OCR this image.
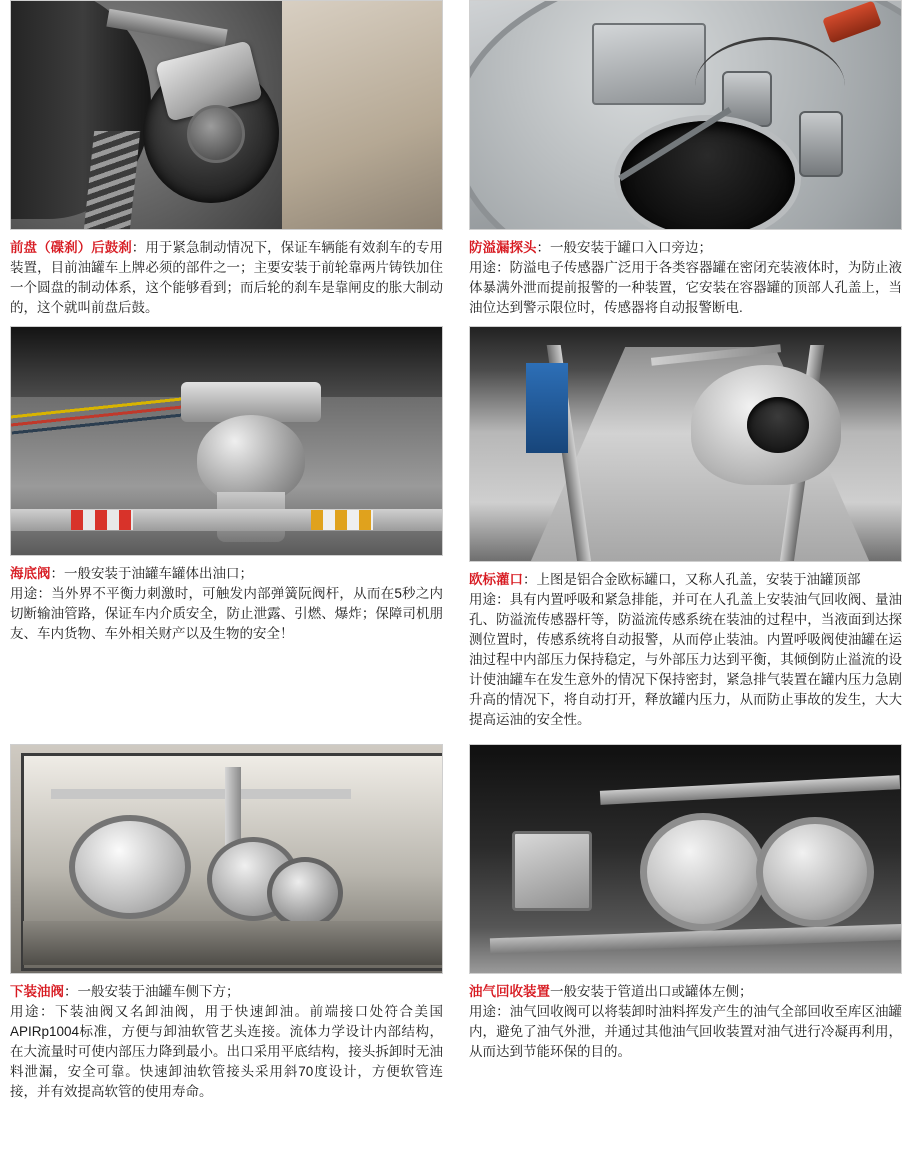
前盘（碟刹）后鼓刹：用于紧急制动情况下，保证车辆能有效刹车的专用装置，目前油罐车上牌必须的部件之一；主要安装于前轮靠两片铸铁加住一个圆盘的制动体系，这个能够看到；而后轮的刹车是靠闸皮的胀大制动的，这个就叫前盘后鼓。

防溢漏探头：一般安装于罐口入口旁边；

用途：防溢电子传感器广泛用于各类容器罐在密闭充装液体时，为防止液体暴满外泄而提前报警的一种装置，它安装在容器罐的顶部人孔盖上，当油位达到警示限位时，传感器将自动报警断电.

海底阀：一般安装于油罐车罐体出油口；

用途：当外界不平衡力刺激时，可触发内部弹簧阮阀杆，从而在5秒之内切断输油管路，保证车内介质安全，防止泄露、引燃、爆炸；保障司机朋友、车内货物、车外相关财产以及生物的安全！

欧标灌口：上图是铝合金欧标罐口，又称人孔盖，安装于油罐顶部

用途：具有内置呼吸和紧急排能，并可在人孔盖上安装油气回收阀、量油孔、防溢流传感器杆等，防溢流传感系统在装油的过程中，当液面到达探测位置时，传感系统将自动报警，从而停止装油。内置呼吸阀使油罐在运油过程中内部压力保持稳定，与外部压力达到平衡，其倾倒防止溢流的设计使油罐车在发生意外的情况下保持密封，紧急排气装置在罐内压力急剧升高的情况下，将自动打开，释放罐内压力，从而防止事故的发生，大大提高运油的安全性。

下装油阀：一般安装于油罐车侧下方；

用途：下装油阀又名卸油阀，用于快速卸油。前端接口处符合美国APIRp1004标准，方便与卸油软管艺头连接。流体力学设计内部结构，在大流量时可使内部压力降到最小。出口采用平底结构，接头拆卸时无油料泄漏，安全可靠。快速卸油软管接头采用斜70度设计，方便软管连接，并有效提高软管的使用寿命。

油气回收装置一般安装于管道出口或罐体左侧；

用途：油气回收阀可以将装卸时油料挥发产生的油气全部回收至库区油罐内，避免了油气外泄，并通过其他油气回收装置对油气进行冷凝再利用，从而达到节能环保的目的。
